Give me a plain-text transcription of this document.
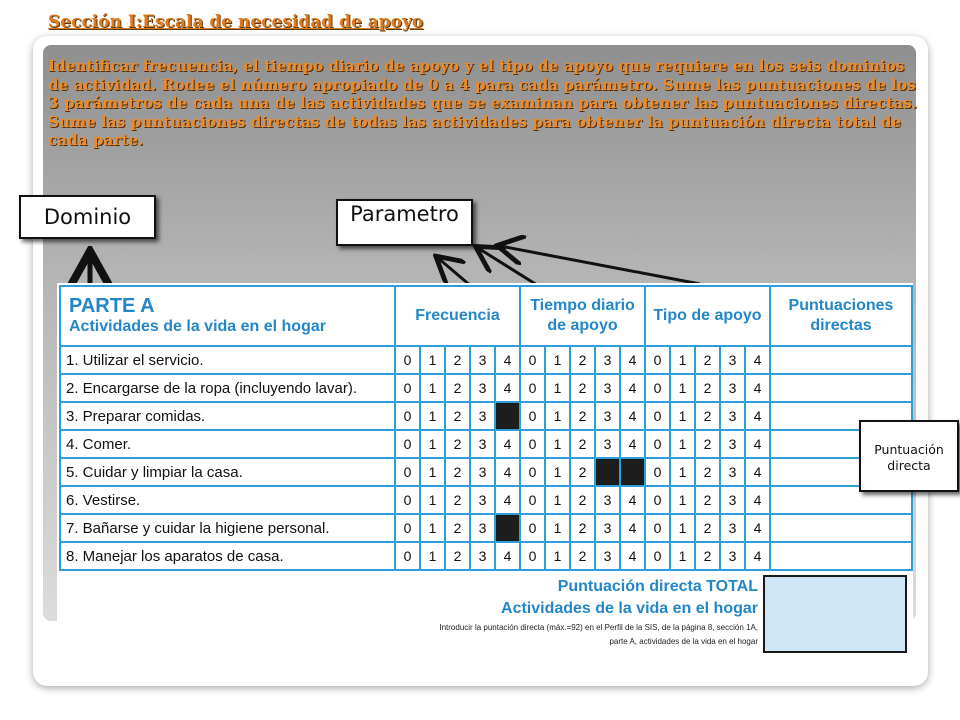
Sección I:Escala de necesidad de apoyo
Identificar frecuencia, el tiempo diario de apoyo y el tipo de apoyo que requiere en los seis dominios de actividad. Rodee el número apropiado de 0 a 4 para cada parámetro. Sume las puntuaciones de los 3 parámetros de cada una de las actividades que se examinan para obtener las puntuaciones directas. Sume las puntuaciones directas de todas las actividades para obtener la puntuación directa total de cada parte.
Dominio	Parametro
PARTE A
Actividades de la vida en el hogar	Frecuencia					Tiempo diario de apoyo					Tipo de apoyo					Puntuaciones directas
1. Utilizar el servicio.	0	1	2	3	4	0	1	2	3	4	0	1	2	3	4	
2. Encargarse de la ropa (incluyendo lavar).	0	1	2	3	4	0	1	2	3	4	0	1	2	3	4	
3. Preparar comidas.	0	1	2	3		0	1	2	3	4	0	1	2	3	4	
4. Comer.	0	1	2	3	4	0	1	2	3	4	0	1	2	3	4	
5. Cuidar y limpiar la casa.	0	1	2	3	4	0	1	2			0	1	2	3	4	
6. Vestirse.	0	1	2	3	4	0	1	2	3	4	0	1	2	3	4	
7. Bañarse y cuidar la higiene personal.	0	1	2	3		0	1	2	3	4	0	1	2	3	4	
8. Manejar los aparatos de casa.	0	1	2	3	4	0	1	2	3	4	0	1	2	3	4	
Puntuación directa TOTAL
Actividades de la vida en el hogar
Introducir la puntación directa (máx.=92) en el Perfil de la SIS, de la página 8, sección 1A,
parte A, actividades de la vida en el hogar
Puntuación directa
